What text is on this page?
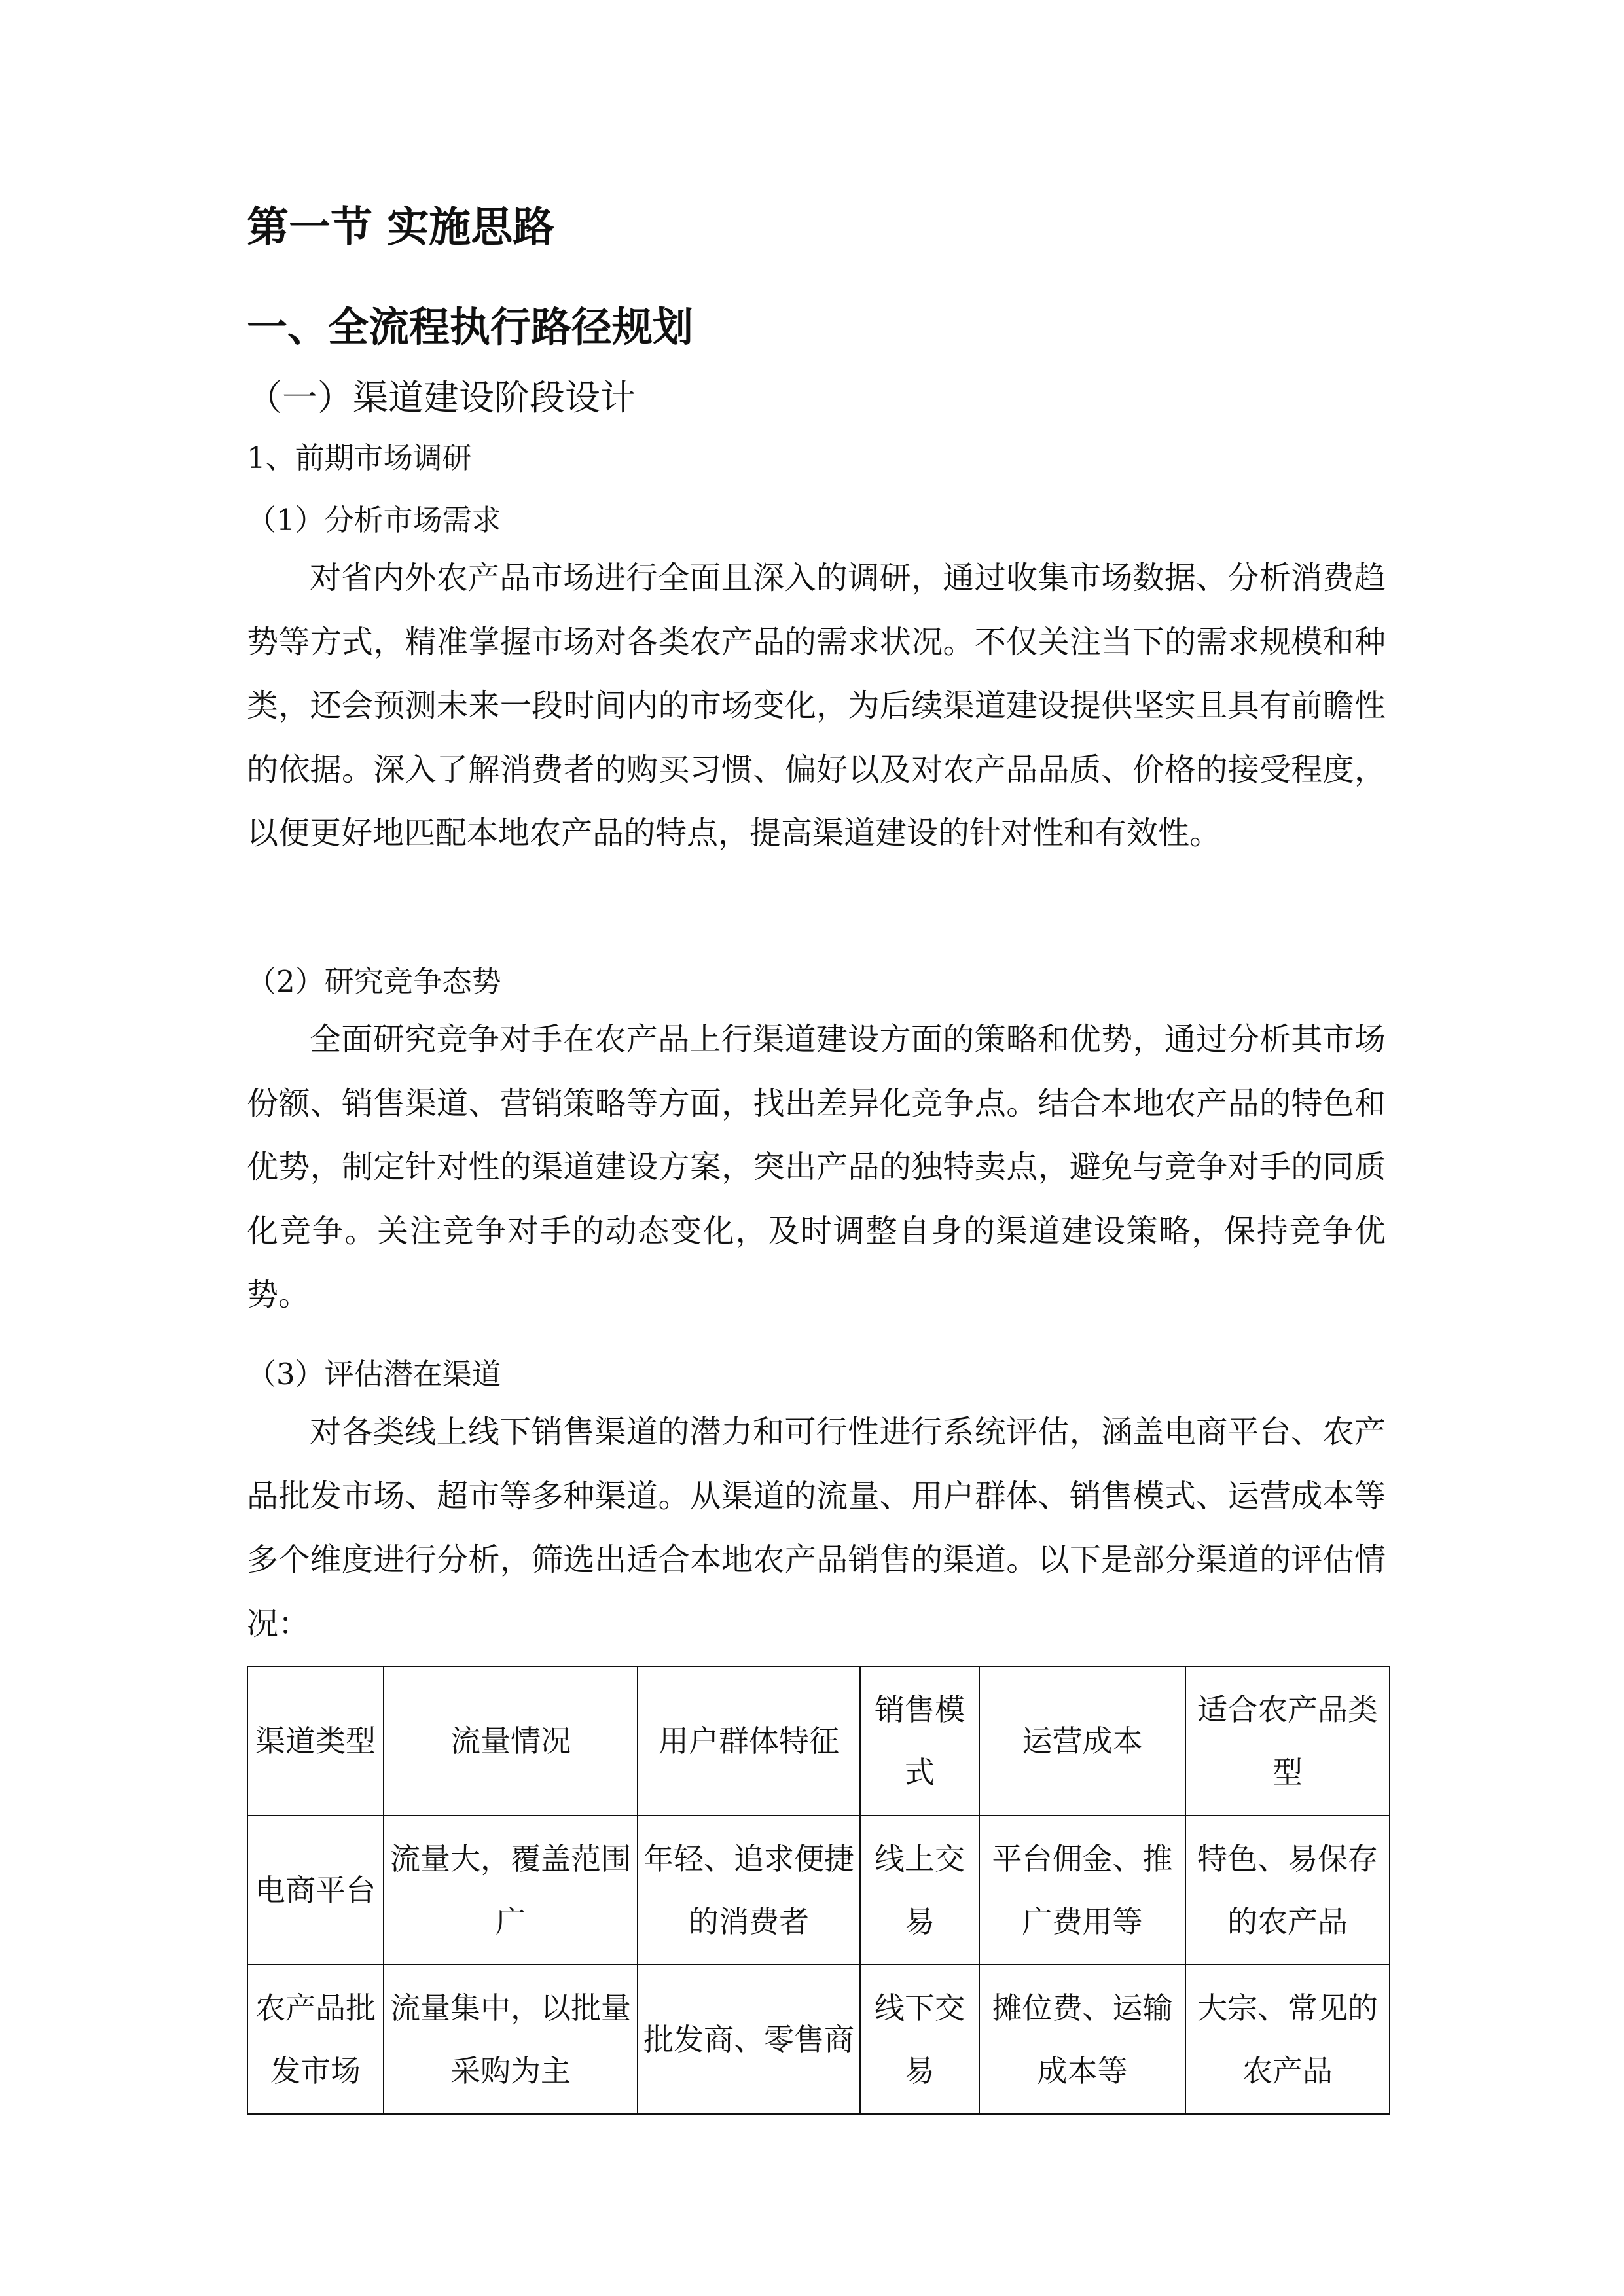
第一节 实施思路
一、全流程执行路径规划
（一）渠道建设阶段设计
1、前期市场调研
（1）分析市场需求

对省内外农产品市场进行全面且深入的调研，通过收集市场数据、分析消费趋势等方式，精准掌握市场对各类农产品的需求状况。不仅关注当下的需求规模和种类，还会预测未来一段时间内的市场变化，为后续渠道建设提供坚实且具有前瞻性的依据。深入了解消费者的购买习惯、偏好以及对农产品品质、价格的接受程度，以便更好地匹配本地农产品的特点，提高渠道建设的针对性和有效性。

（2）研究竞争态势

全面研究竞争对手在农产品上行渠道建设方面的策略和优势，通过分析其市场份额、销售渠道、营销策略等方面，找出差异化竞争点。结合本地农产品的特色和优势，制定针对性的渠道建设方案，突出产品的独特卖点，避免与竞争对手的同质化竞争。关注竞争对手的动态变化，及时调整自身的渠道建设策略，保持竞争优势。

（3）评估潜在渠道

对各类线上线下销售渠道的潜力和可行性进行系统评估，涵盖电商平台、农产品批发市场、超市等多种渠道。从渠道的流量、用户群体、销售模式、运营成本等多个维度进行分析，筛选出适合本地农产品销售的渠道。以下是部分渠道的评估情况：

渠道类型	流量情况	用户群体特征	销售模式	运营成本	适合农产品类型

电商平台	流量大，覆盖范围广	年轻、追求便捷的消费者	线上交易	平台佣金、推广费用等	特色、易保存的农产品

农产品批发市场	流量集中，以批量采购为主	批发商、零售商	线下交易	摊位费、运输成本等	大宗、常见的农产品
